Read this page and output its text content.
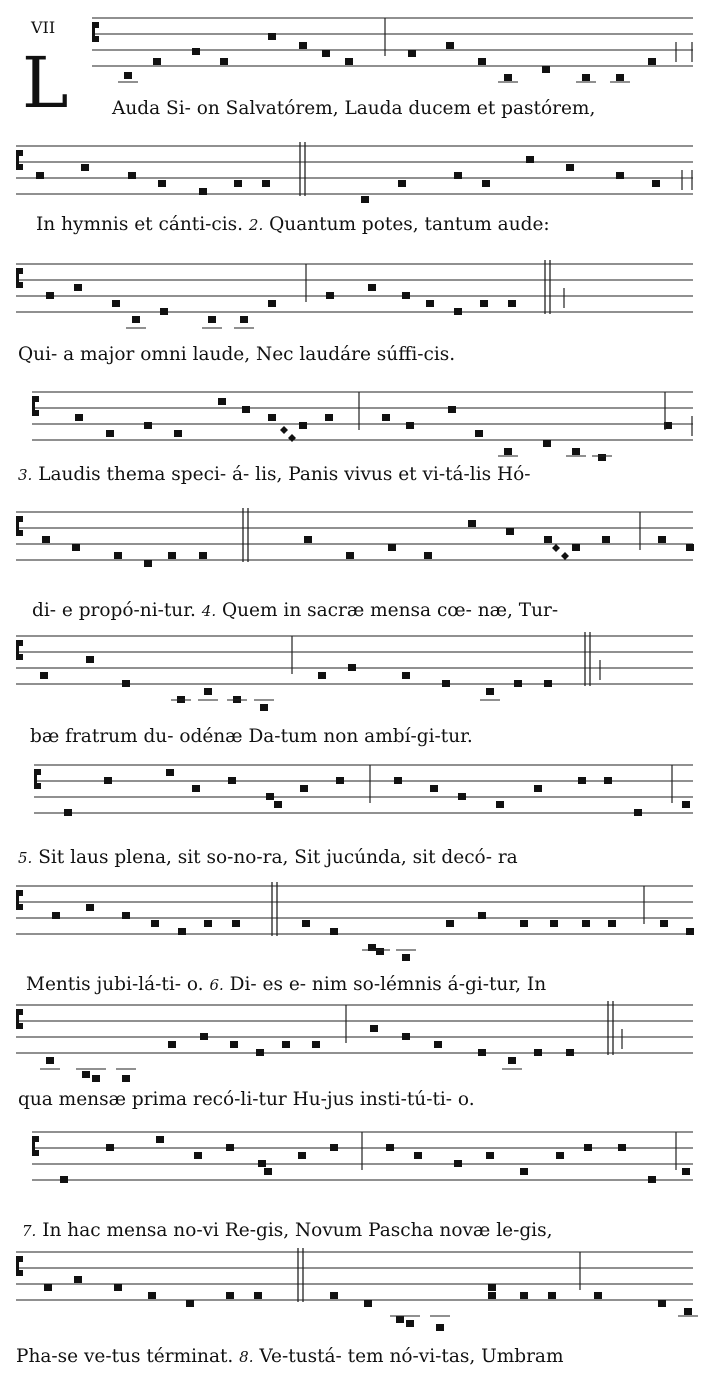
VII
L Auda Si- on Salvatórem, Lauda ducem et pastórem,
In hymnis et cánti-cis. 2. Quantum potes, tantum aude:
Qui- a major omni laude, Nec laudáre súffi-cis.
3. Laudis thema speci- á- lis, Panis vivus et vi-tá-lis Hó-
di- e propó-ni-tur. 4. Quem in sacræ mensa cœ- næ, Tur-
bæ fratrum du- odénæ Da-tum non ambí-gi-tur.
5. Sit laus plena, sit so-no-ra, Sit jucúnda, sit decó- ra
Mentis jubi-lá-ti- o. 6. Di- es e- nim so-lémnis á-gi-tur, In
qua mensæ prima recó-li-tur Hu-jus insti-tú-ti- o.
7. In hac mensa no-vi Re-gis, Novum Pascha novæ le-gis,
Pha-se ve-tus términat. 8. Ve-tustá- tem nó-vi-tas, Umbram
